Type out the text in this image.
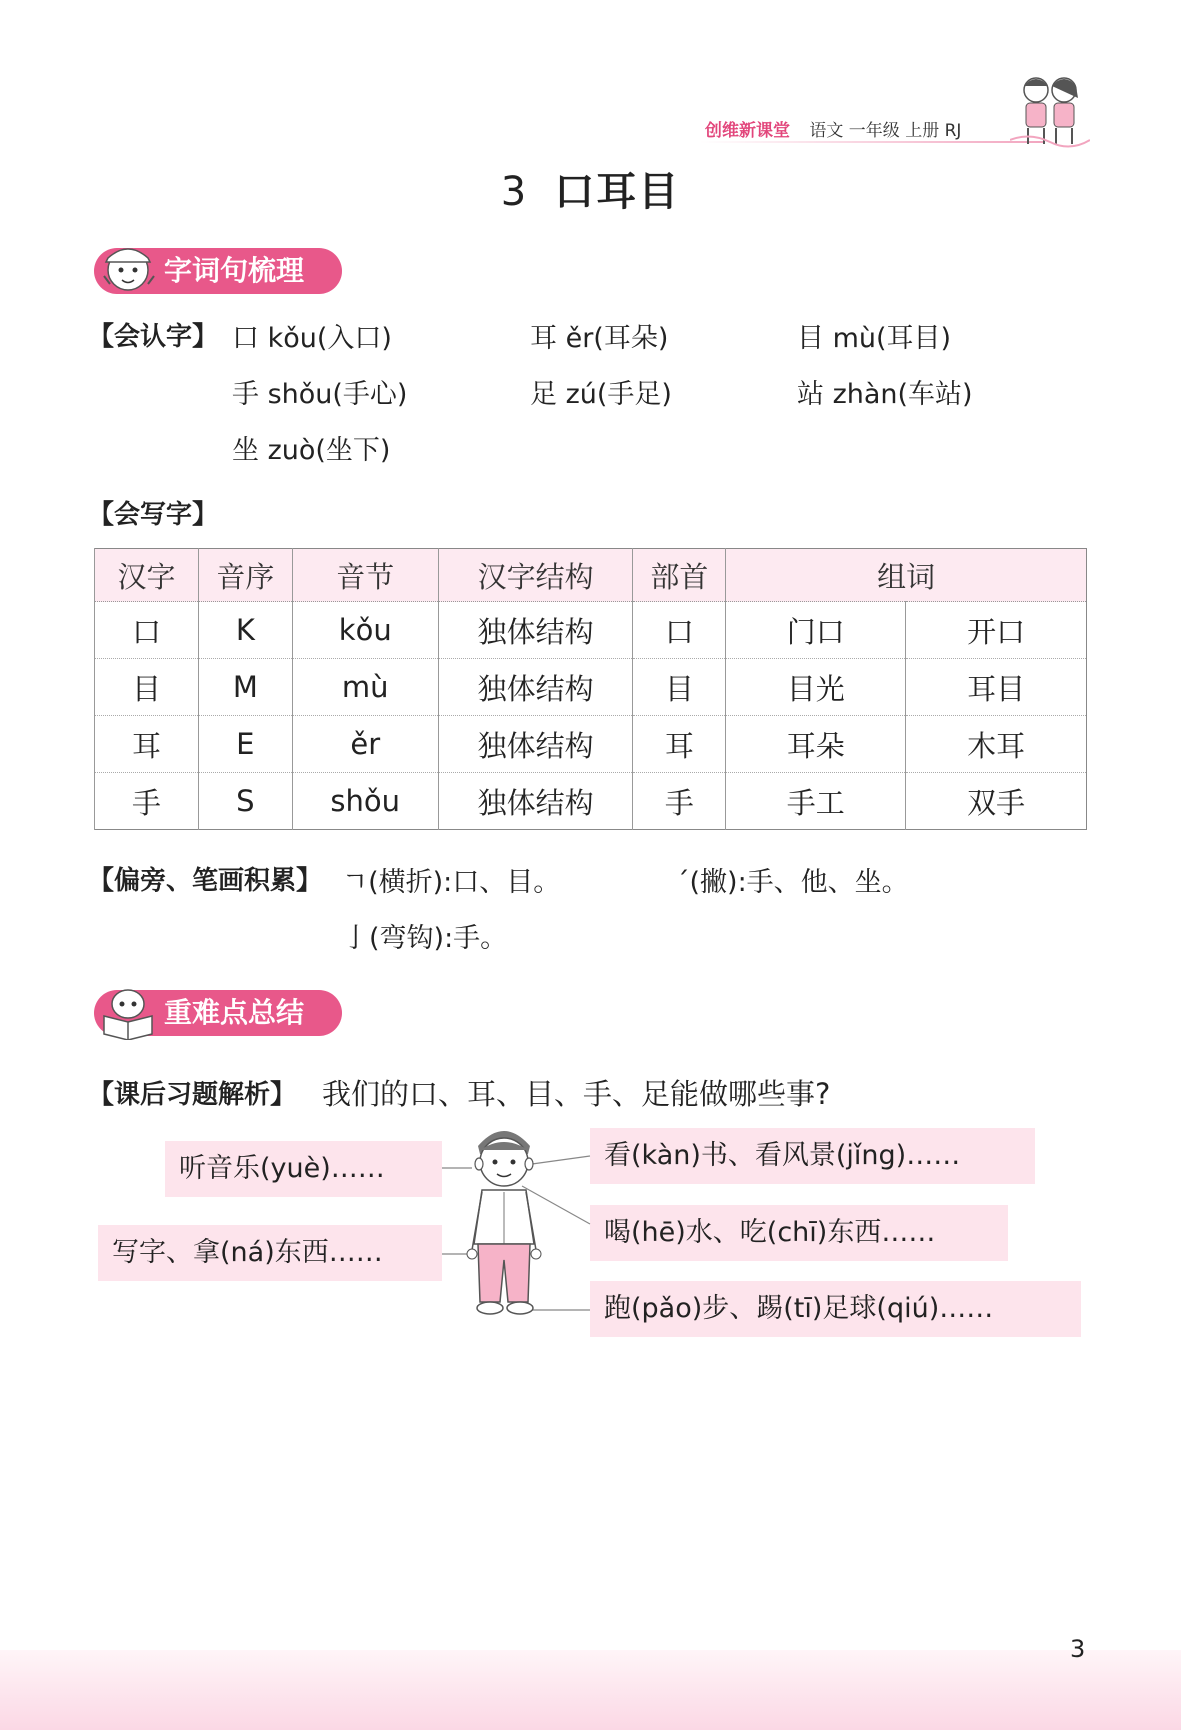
创维新课堂 语文 一年级 上册 RJ
3 口耳目
字词句梳理
【会认字】 口 kǒu(入口)	耳 ěr(耳朵)	目 mù(耳目)
手 shǒu(手心)	足 zú(手足)	站 zhàn(车站)
坐 zuò(坐下)
【会写字】
汉字	音序	音节	汉字结构	部首	组词	
口	K	kǒu	独体结构	口	门口	开口
目	M	mù	独体结构	目	目光	耳目
耳	E	ěr	独体结构	耳	耳朵	木耳
手	S	shǒu	独体结构	手	手工	双手
【偏旁、笔画积累】 ㄱ(横折):口、目。	ˊ(撇):手、他、坐。
亅(弯钩):手。
重难点总结
【课后习题解析】 我们的口、耳、目、手、足能做哪些事?
听音乐(yuè)……
写字、拿(ná)东西……
看(kàn)书、看风景(jǐng)……
喝(hē)水、吃(chī)东西……
跑(pǎo)步、踢(tī)足球(qiú)……
3
